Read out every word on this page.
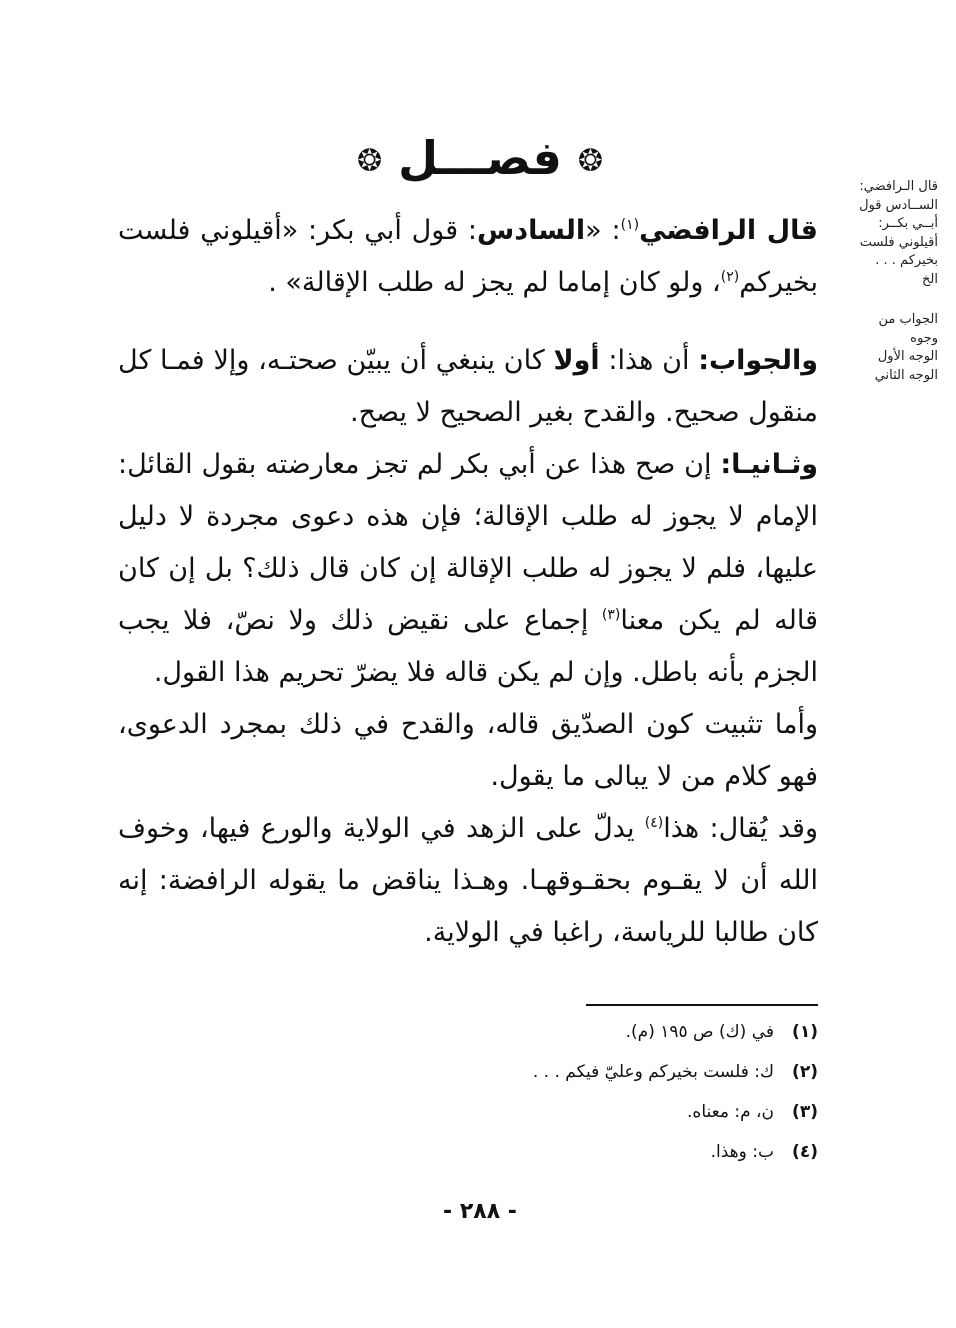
❂ فصـــل ❂

قال الـرافضي:

الســادس قول

أبــي بكــر:

أقيلوني فلست

بخيركم . . .

الخ

الجواب من

وجوه

الوجه الأول

الوجه الثاني

قال الرافضي$^{(١)}$: «السادس: قول أبي بكر: «أقيلوني فلست بخيركم$^{(٢)}$، ولو كان إماما لم يجز له طلب الإقالة» .

والجواب: أن هذا: أولا كان ينبغي أن يبيّن صحتـه، وإلا فمـا كل منقول صحيح. والقدح بغير الصحيح لا يصح.

وثـانيـا: إن صح هذا عن أبي بكر لم تجز معارضته بقول القائل: الإمام لا يجوز له طلب الإقالة؛ فإن هذه دعوى مجردة لا دليل عليها، فلم لا يجوز له طلب الإقالة إن كان قال ذلك؟ بل إن كان قاله لم يكن معنا$^{(٣)}$ إجماع على نقيض ذلك ولا نصّ، فلا يجب الجزم بأنه باطل. وإن لم يكن قاله فلا يضرّ تحريم هذا القول.

وأما تثبيت كون الصدّيق قاله، والقدح في ذلك بمجرد الدعوى، فهو كلام من لا يبالى ما يقول.

وقد يُقال: هذا$^{(٤)}$ يدلّ على الزهد في الولاية والورع فيها، وخوف الله أن لا يقـوم بحقـوقهـا. وهـذا يناقض ما يقوله الرافضة: إنه كان طالبا للرياسة، راغبا في الولاية.

(١)في (ك) ص ١٩٥ (م).
(٢)ك: فلست بخيركم وعليّ فيكم . . .
(٣)ن، م: معناه.
(٤)ب: وهذا.
- ٢٨٨ -
